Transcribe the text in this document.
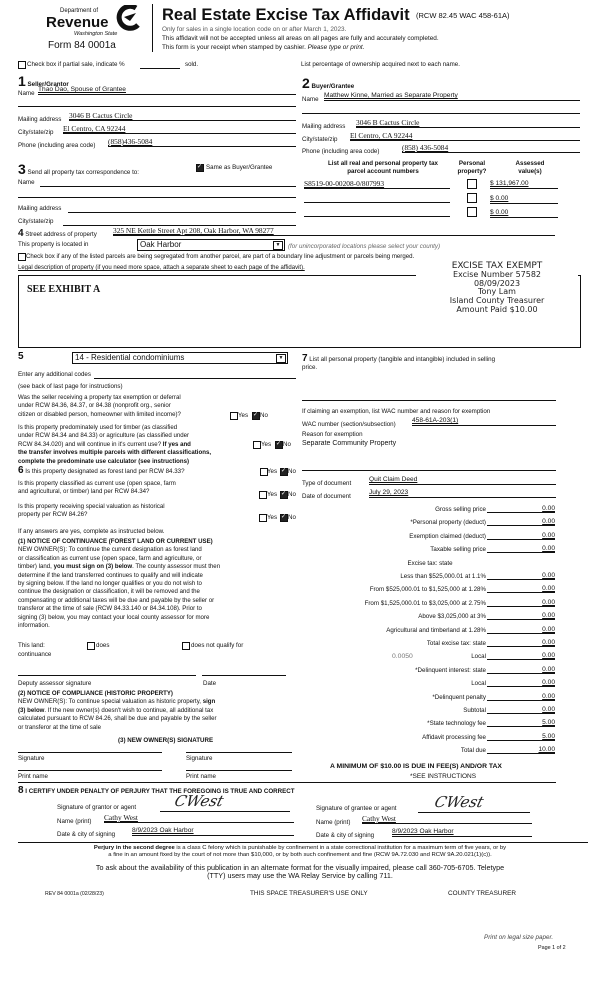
Department of
Revenue
Washington State
Form 84 0001a
Real Estate Excise Tax Affidavit (RCW 82.45 WAC 458-61A)
Only for sales in a single location code on or after March 1, 2023.
This affidavit will not be accepted unless all areas on all pages are fully and accurately completed.
This form is your receipt when stamped by cashier. Please type or print.
Check box if partial sale, indicate %	sold.	List percentage of ownership acquired next to each name.
1 Seller/Grantor
Name
Thao Dao, Spouse of Grantee
Mailing address 3046 B Cactus Circle
City/state/zip El Centro, CA 92244
Phone (including area code) (858)436-5084
2 Buyer/Grantee
Name
Matthew Kinne, Married as Separate Property
Mailing address 3046 B Cactus Circle
City/state/zip El Centro, CA 92244
Phone (including area code)	(858) 436-5084
3 Send all property tax correspondence to:
✓
Same as Buyer/Grantee
Name
Mailing address
City/state/zip
List all real and personal property tax
parcel account numbers
Personal
property?
Assessed
value(s)
S8519-00-00208-0/807993	$ 131,967.00
$ 0.00
$ 0.00
4 Street address of property 325 NE Kettle Street Apt 208, Oak Harbor, WA 98277
This property is located in	Oak Harbor	▼	(for unincorporated locations please select your county)
Check box if any of the listed parcels are being segregated from another parcel, are part of a boundary line adjustment or parcels being merged.
Legal description of property (if you need more space, attach a separate sheet to each page of the affidavit).
SEE EXHIBIT A
EXCISE TAX EXEMPT
Excise Number 57582
08/09/2023
Tony Lam
Island County Treasurer
Amount Paid $10.00
5	14 - Residential condominiums	▼
Enter any additional codes
(see back of last page for instructions)
Was the seller receiving a property tax exemption or deferral
under RCW 84.36, 84.37, or 84.38 (nonprofit org., senior
citizen or disabled person, homeowner with limited income)?	Yes ✓ No
Is this property predominately used for timber (as classified
under RCW 84.34 and 84.33) or agriculture (as classified under
RCW 84.34.020) and will continue in it's current use? If yes and
the transfer involves multiple parcels with different classifications,
complete the predominate use calculator (see instructions)
Yes ✓ No
7 List all personal property (tangible and intangible) included in selling
price.
If claiming an exemption, list WAC number and reason for exemption
WAC number (section/subsection)
458-61A-203(1)
Reason for exemption
Separate Community Property
Type of document
Quit Claim Deed
Date of document
July 29, 2023
Gross selling price	0.00
*Personal property (deduct)	0.00
Exemption claimed (deduct)	0.00
Taxable selling price	0.00
Excise tax: state
Less than $525,000.01 at 1.1%	0.00
From $525,000.01 to $1,525,000 at 1.28%	0.00
From $1,525,000.01 to $3,025,000 at 2.75%	0.00
Above $3,025,000 at 3%	0.00
Agricultural and timberland at 1.28%	0.00
Total excise tax: state	0.00
Local	0.00
0.0050
*Delinquent interest: state	0.00
Local	0.00
*Delinquent penalty	0.00
Subtotal	0.00
*State technology fee	5.00
Affidavit processing fee	5.00
Total due	10.00
A MINIMUM OF $10.00 IS DUE IN FEE(S) AND/OR TAX
*SEE INSTRUCTIONS
6 Is this property designated as forest land per RCW 84.33?	Yes ✓ No
Is this property classified as current use (open space, farm
and agricultural, or timber) land per RCW 84.34?	Yes ✓ No
Is this property receiving special valuation as historical
property per RCW 84.26?	Yes ✓ No
If any answers are yes, complete as instructed below.
(1) NOTICE OF CONTINUANCE (FOREST LAND OR CURRENT USE)
NEW OWNER(S): To continue the current designation as forest land
or classification as current use (open space, farm and agriculture, or
timber) land, you must sign on (3) below. The county assessor must then
determine if the land transferred continues to qualify and will indicate
by signing below. If the land no longer qualifies or you do not wish to
continue the designation or classification, it will be removed and the
compensating or additional taxes will be due and payable by the seller or
transferor at the time of sale (RCW 84.33.140 or 84.34.108). Prior to
signing (3) below, you may contact your local county assessor for more
information.
This land:	does	does not qualify for
continuance
Deputy assessor signature	Date
(2) NOTICE OF COMPLIANCE (HISTORIC PROPERTY)
NEW OWNER(S): To continue special valuation as historic property, sign
(3) below. If the new owner(s) doesn't wish to continue, all additional tax
calculated pursuant to RCW 84.26, shall be due and payable by the seller
or transferor at the time of sale
(3) NEW OWNER(S) SIGNATURE
Signature	Signature
Print name	Print name
8 I CERTIFY UNDER PENALTY OF PERJURY THAT THE FOREGOING IS TRUE AND CORRECT
Signature of grantor or agent CWest
Name (print) Cathy West
Date & city of signing
8/9/2023 Oak Harbor
Signature of grantee or agent CWest
Name (print) Cathy West
Date & city of signing
8/9/2023 Oak Harbor
Perjury in the second degree is a class C felony which is punishable by confinement in a state correctional institution for a maximum term of five years, or by
a fine in an amount fixed by the court of not more than $10,000, or by both such confinement and fine (RCW 9A.72.030 and RCW 9A.20.021(1)(c)).
To ask about the availability of this publication in an alternate format for the visually impaired, please call 360-705-6705. Teletype
(TTY) users may use the WA Relay Service by calling 711.
REV 84 0001a (02/28/23)	THIS SPACE TREASURER'S USE ONLY	COUNTY TREASURER
Print on legal size paper.
Page 1 of 2
